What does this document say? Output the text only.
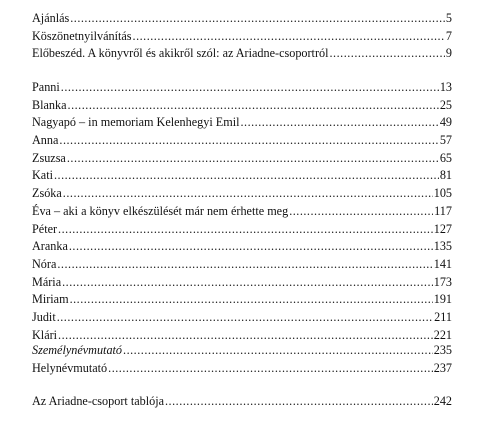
Ajánlás .....	5
Köszönetnyilvánítás .....	7
Előbeszéd. A könyvről és akikről szól: az Ariadne-csoportról .....	9
Panni .....	13
Blanka .....	25
Nagyapó – in memoriam Kelenhegyi Emil .....	49
Anna .....	57
Zsuzsa .....	65
Kati .....	81
Zsóka .....	105
Éva – aki a könyv elkészülését már nem érhette meg .....	117
Péter .....	127
Aranka .....	135
Nóra .....	141
Mária .....	173
Miriam .....	191
Judit .....	211
Klári .....	221
Személynévmutató .....	235
Helynévmutató .....	237
Az Ariadne-csoport tablója .....	242
